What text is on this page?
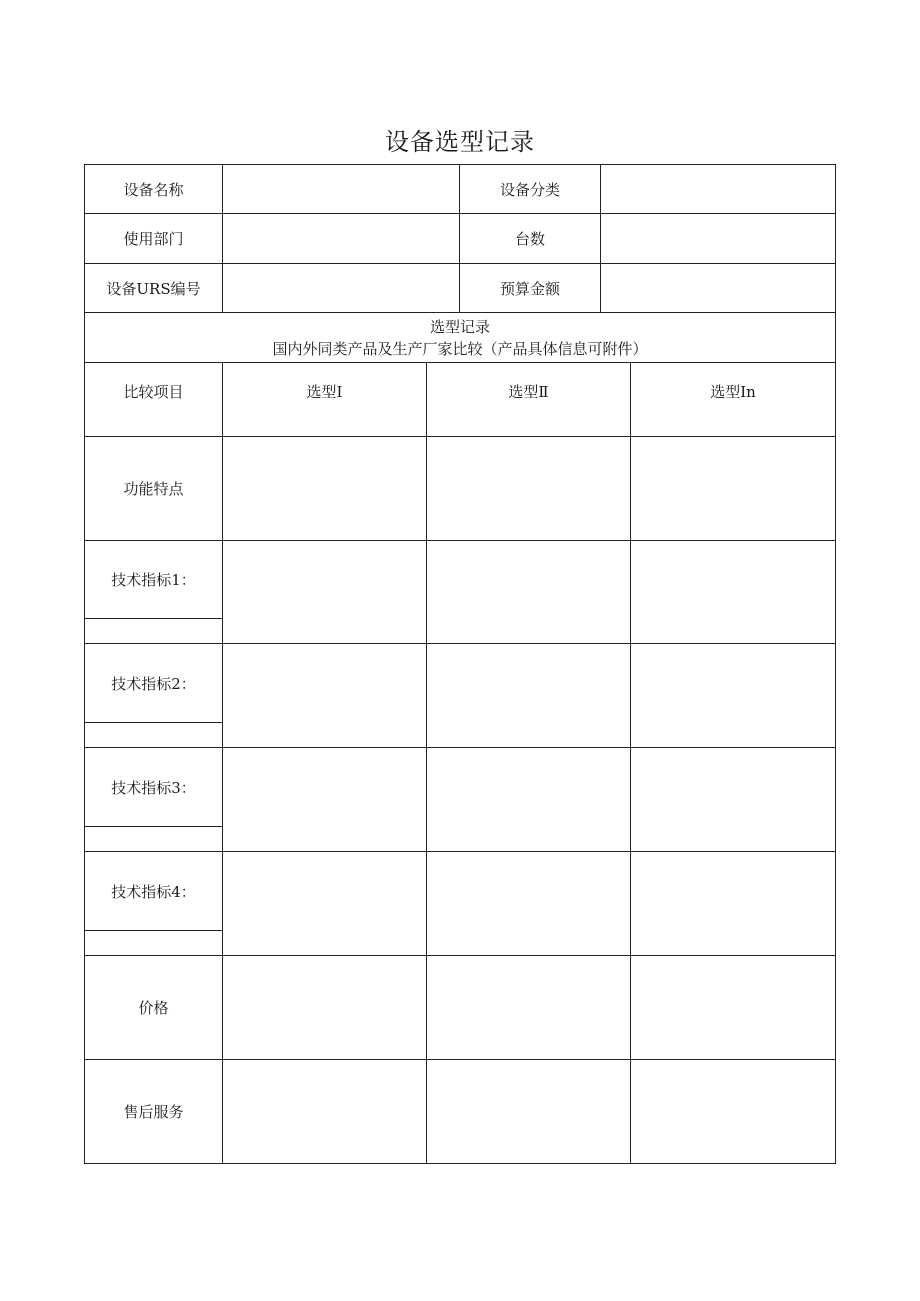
设备选型记录
设备名称	设备分类
使用部门	台数
设备URS编号	预算金额
选型记录
国内外同类产品及生产厂家比较（产品具体信息可附件）
比较项目	选型Ⅰ	选型Ⅱ	选型In
功能特点
技术指标1：
技术指标2：
技术指标3：
技术指标4：
价格
售后服务
